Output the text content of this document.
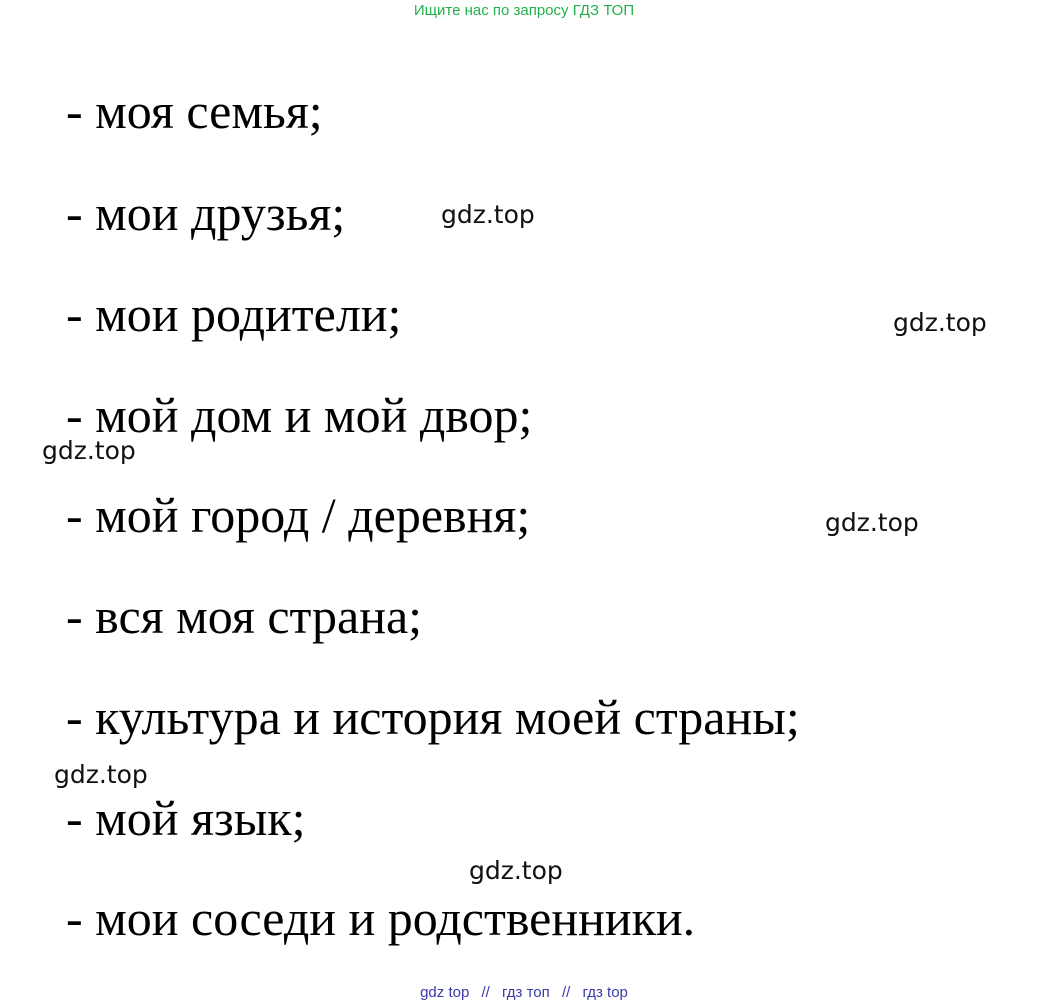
Ищите нас по запросу ГДЗ ТОП
- моя семья;
- мои друзья;
- мои родители;
- мой дом и мой двор;
- мой город / деревня;
- вся моя страна;
- культура и история моей страны;
- мой язык;
- мои соседи и родственники.
gdz.top
gdz.top
gdz.top
gdz.top
gdz.top
gdz.top
gdz top // гдз топ // гдз top
